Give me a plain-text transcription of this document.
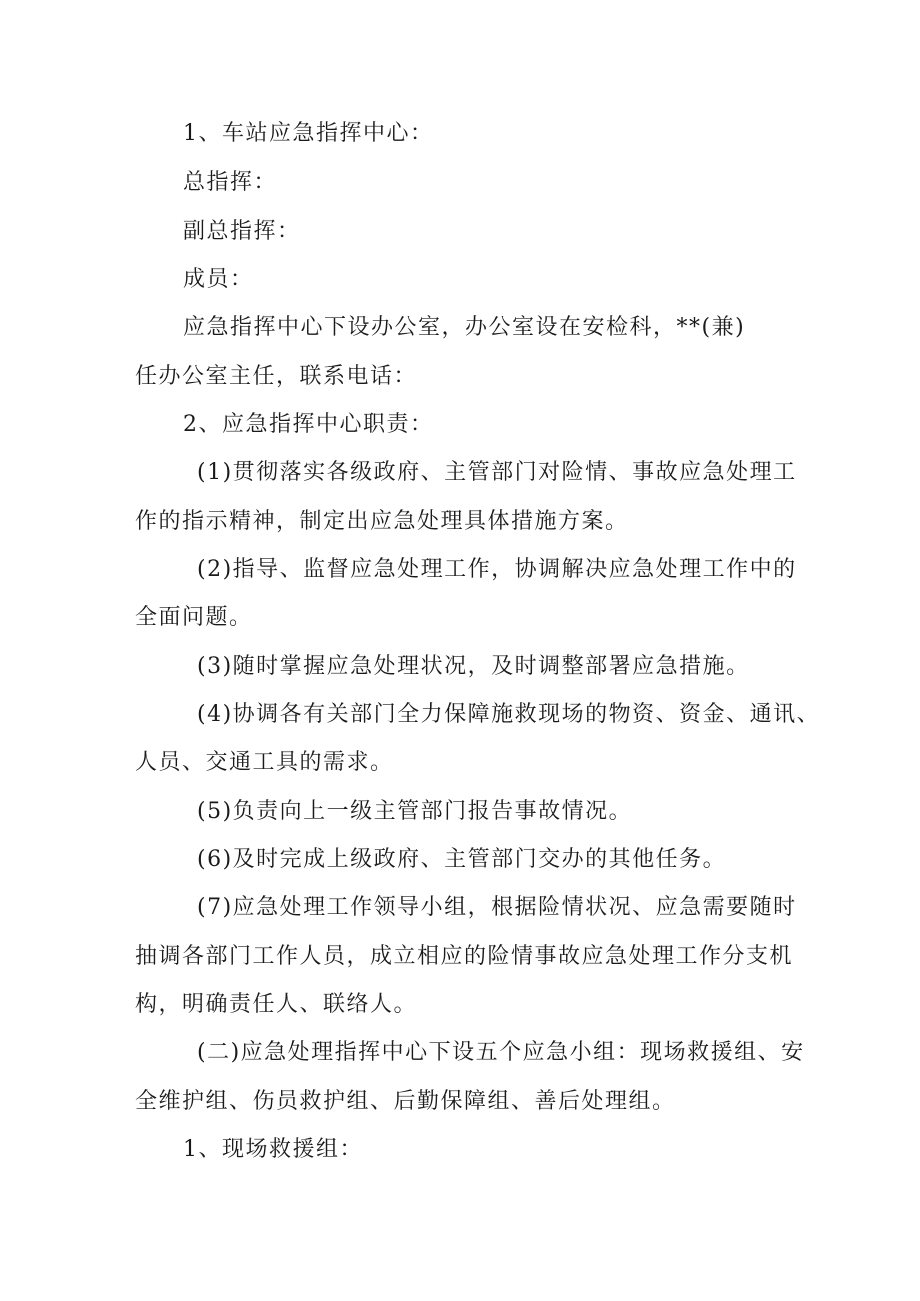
1、车站应急指挥中心：
总指挥：
副总指挥：
成员：
应急指挥中心下设办公室，办公室设在安检科，**(兼)
任办公室主任，联系电话：
2、应急指挥中心职责：
(1)贯彻落实各级政府、主管部门对险情、事故应急处理工
作的指示精神，制定出应急处理具体措施方案。
(2)指导、监督应急处理工作，协调解决应急处理工作中的
全面问题。
(3)随时掌握应急处理状况，及时调整部署应急措施。
(4)协调各有关部门全力保障施救现场的物资、资金、通讯、
人员、交通工具的需求。
(5)负责向上一级主管部门报告事故情况。
(6)及时完成上级政府、主管部门交办的其他任务。
(7)应急处理工作领导小组，根据险情状况、应急需要随时
抽调各部门工作人员，成立相应的险情事故应急处理工作分支机
构，明确责任人、联络人。
(二)应急处理指挥中心下设五个应急小组：现场救援组、安
全维护组、伤员救护组、后勤保障组、善后处理组。
1、现场救援组：
